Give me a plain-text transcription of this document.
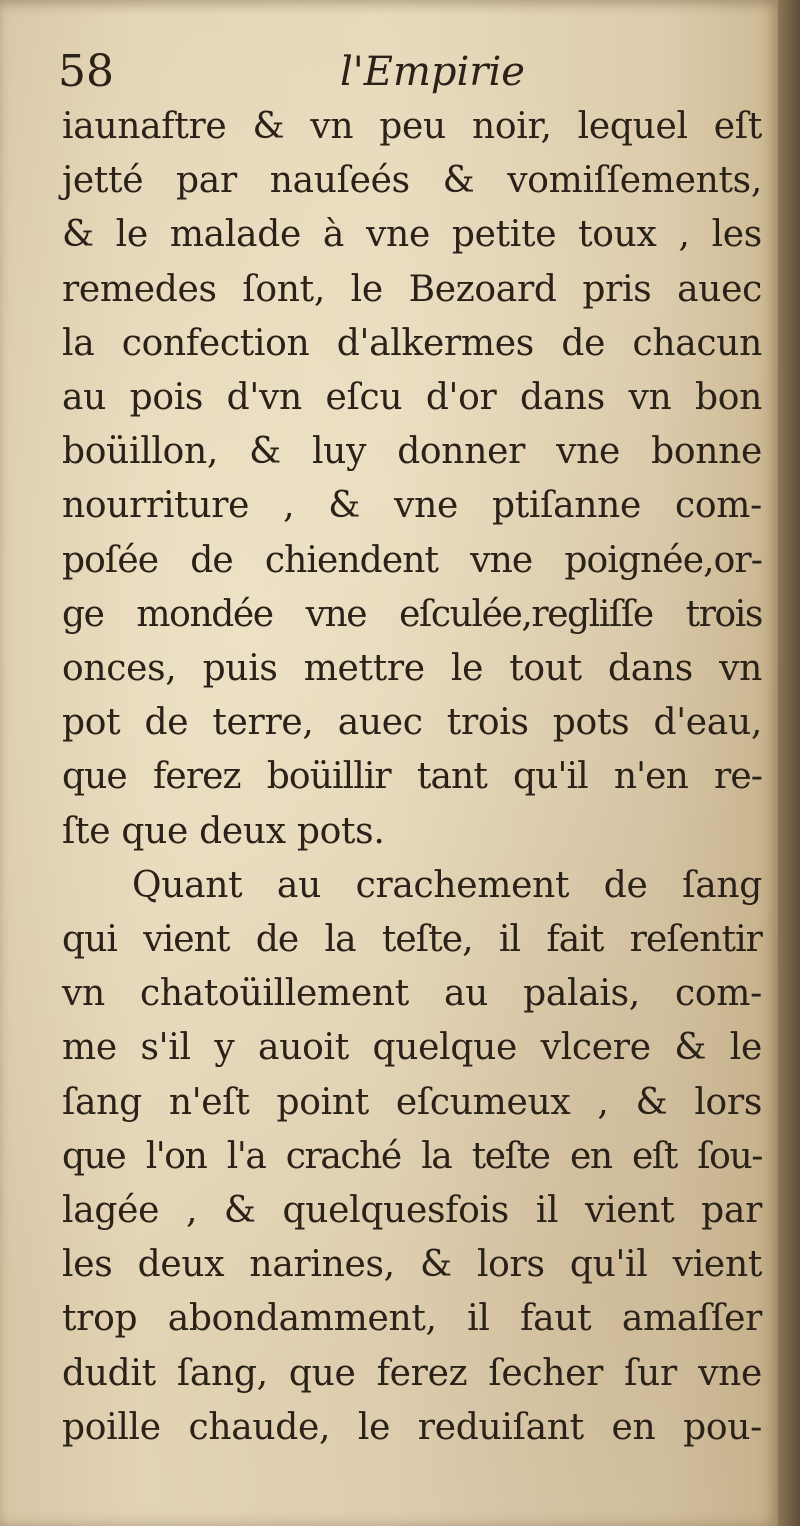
58	l'Empirie
iaunaftre & vn peu noir, lequel eſt
jetté par nauſeés & vomiſſements,
& le malade à vne petite toux , les
remedes ſont, le Bezoard pris auec
la confection d'alkermes de chacun
au pois d'vn eſcu d'or dans vn bon
boüillon, & luy donner vne bonne
nourriture , & vne ptiſanne com-
poſée de chiendent vne poignée,or-
ge mondée vne eſculée,regliſſe trois
onces, puis mettre le tout dans vn
pot de terre, auec trois pots d'eau,
que ferez boüillir tant qu'il n'en re-
ſte que deux pots.
Quant au crachement de ſang
qui vient de la teſte, il fait reſentir
vn chatoüillement au palais, com-
me s'il y auoit quelque vlcere & le
ſang n'eſt point eſcumeux , & lors
que l'on l'a craché la teſte en eſt ſou-
lagée , & quelquesfois il vient par
les deux narines, & lors qu'il vient
trop abondamment, il faut amaſſer
dudit ſang, que ferez ſecher ſur vne
poille chaude, le reduiſant en pou-
